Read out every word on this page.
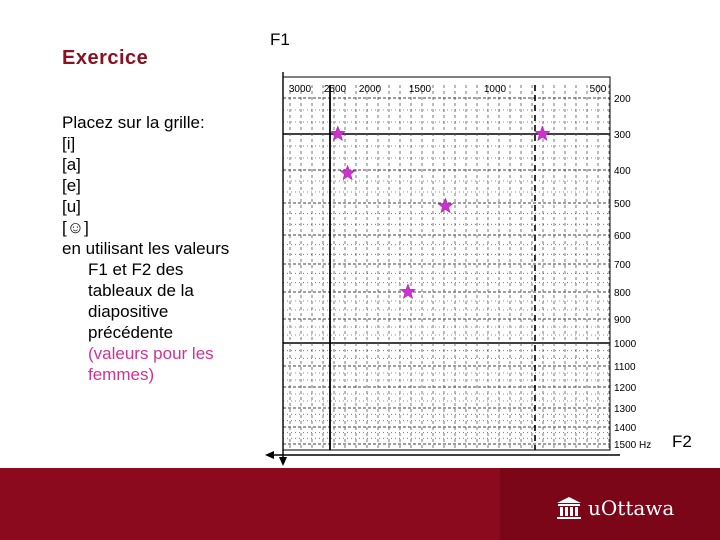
Exercice
Placez sur la grille:
[i]
[a]
[e]
[u]
[☺]
en utilisant les valeurs
F1 et F2 des
tableaux de la
diapositive
précédente
(valeurs pour les
femmes)
F1
F2
3000 2500 2000	1500	1000	500
200
300
400
500
600
700
800
900
1000
1100
1200
1300
1400
1500 Hz
uOttawa
